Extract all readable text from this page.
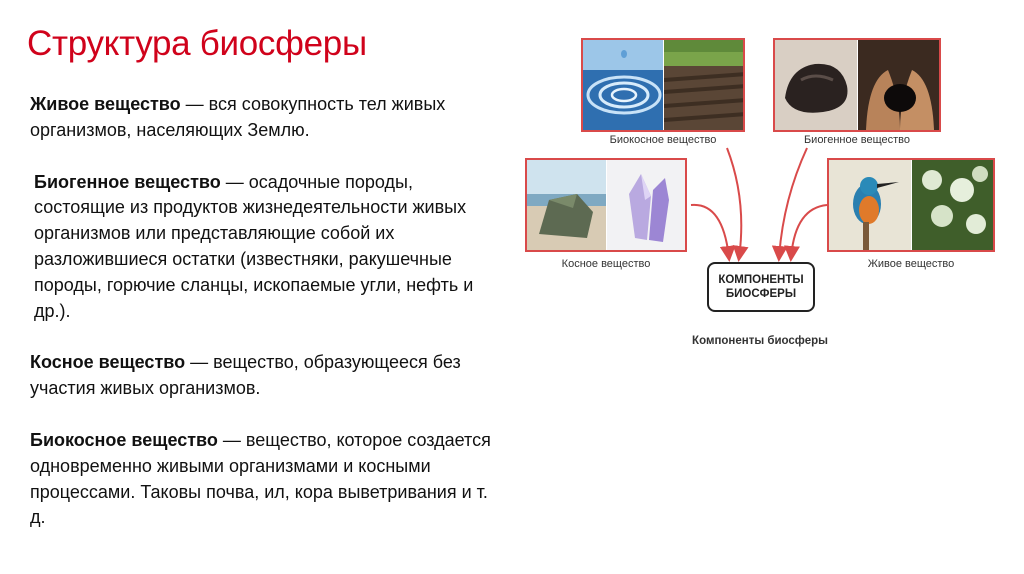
Структура биосферы

Живое вещество — вся совокупность тел живых организмов, населяющих Землю.

Биогенное вещество — осадочные породы, состоящие из продуктов жизнедеятельности живых организмов или представляющие собой их разложившиеся остатки (известняки, ракушечные породы, горючие сланцы, ископаемые угли, нефть и др.).

Косное вещество — вещество, образующееся без участия живых организмов.

Биокосное вещество — вещество, которое создается одновременно живыми организмами и косными процессами. Таковы почва, ил, кора выветривания и т. д.

Биокосное вещество	Биогенное вещество
Косное вещество	Живое вещество
КОМПОНЕНТЫ
БИОСФЕРЫ
Компоненты биосферы
